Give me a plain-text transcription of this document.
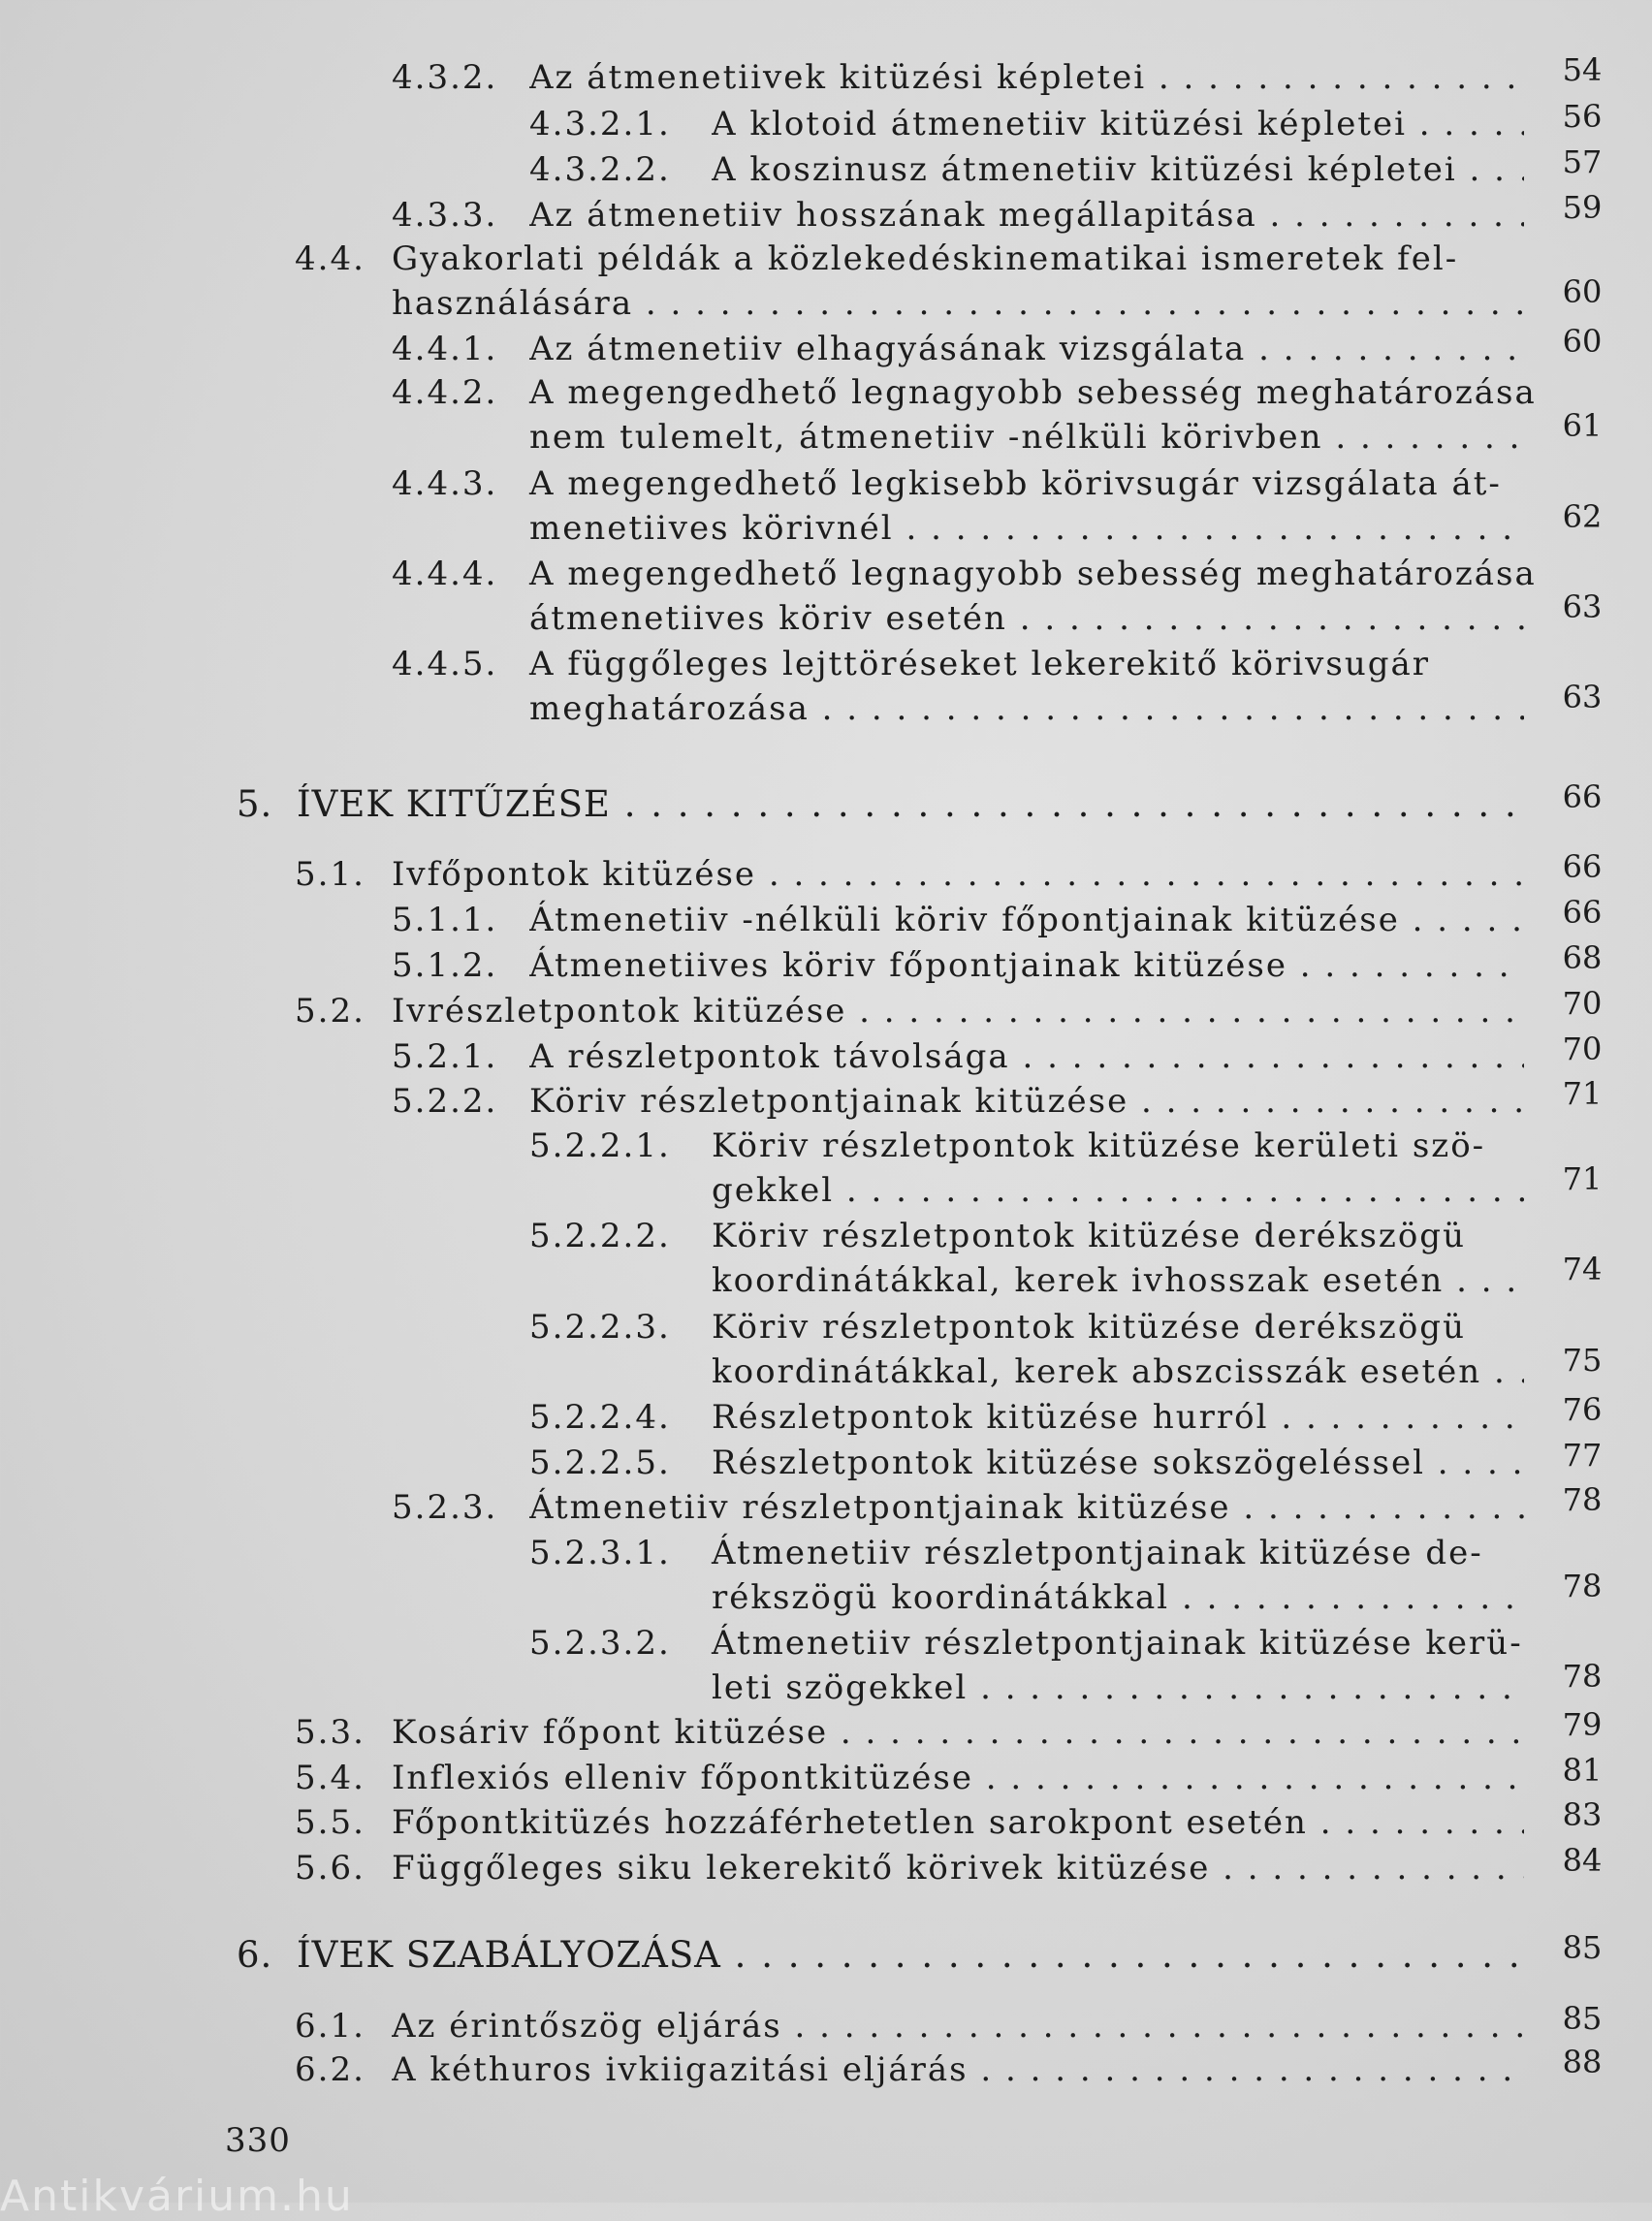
4.3.2. Az átmenetiivek kitüzési képletei . . .	54
4.3.2.1. A klotoid átmenetiiv kitüzési képletei . . .	56
4.3.2.2. A koszinusz átmenetiiv kitüzési képletei . . .	57
4.3.3. Az átmenetiiv hosszának megállapitása . . .	59
4.4. Gyakorlati példák a közlekedéskinematikai ismeretek fel-
használására . . .	60
4.4.1. Az átmenetiiv elhagyásának vizsgálata . . .	60
4.4.2. A megengedhető legnagyobb sebesség meghatározása
nem tulemelt, átmenetiiv -nélküli körivben . . .	61
4.4.3. A megengedhető legkisebb körivsugár vizsgálata át-
menetiives körivnél . . .	62
4.4.4. A megengedhető legnagyobb sebesség meghatározása
átmenetiives köriv esetén . . .	63
4.4.5. A függőleges lejttöréseket lekerekitő körivsugár
meghatározása . . .	63
5. ÍVEK KITŰZÉSE . . .	66
5.1. Ivfőpontok kitüzése . . .	66
5.1.1. Átmenetiiv -nélküli köriv főpontjainak kitüzése . . .	66
5.1.2. Átmenetiives köriv főpontjainak kitüzése . . .	68
5.2. Ivrészletpontok kitüzése . . .	70
5.2.1. A részletpontok távolsága . . .	70
5.2.2. Köriv részletpontjainak kitüzése . . .	71
5.2.2.1. Köriv részletpontok kitüzése kerületi szö-
gekkel . . .	71
5.2.2.2. Köriv részletpontok kitüzése derékszögü
koordinátákkal, kerek ivhosszak esetén . . .	74
5.2.2.3. Köriv részletpontok kitüzése derékszögü
koordinátákkal, kerek abszcisszák esetén . . .	75
5.2.2.4. Részletpontok kitüzése hurról . . .	76
5.2.2.5. Részletpontok kitüzése sokszögeléssel . . .	77
5.2.3. Átmenetiiv részletpontjainak kitüzése . . .	78
5.2.3.1. Átmenetiiv részletpontjainak kitüzése de-
rékszögü koordinátákkal . . .	78
5.2.3.2. Átmenetiiv részletpontjainak kitüzése kerü-
leti szögekkel . . .	78
5.3. Kosáriv főpont kitüzése . . .	79
5.4. Inflexiós elleniv főpontkitüzése . . .	81
5.5. Főpontkitüzés hozzáférhetetlen sarokpont esetén . . .	83
5.6. Függőleges siku lekerekitő körivek kitüzése . . .	84
6. ÍVEK SZABÁLYOZÁSA . . .	85
6.1. Az érintőszög eljárás . . .	85
6.2. A kéthuros ivkiigazitási eljárás . . .	88
330
Antikvárium.hu
